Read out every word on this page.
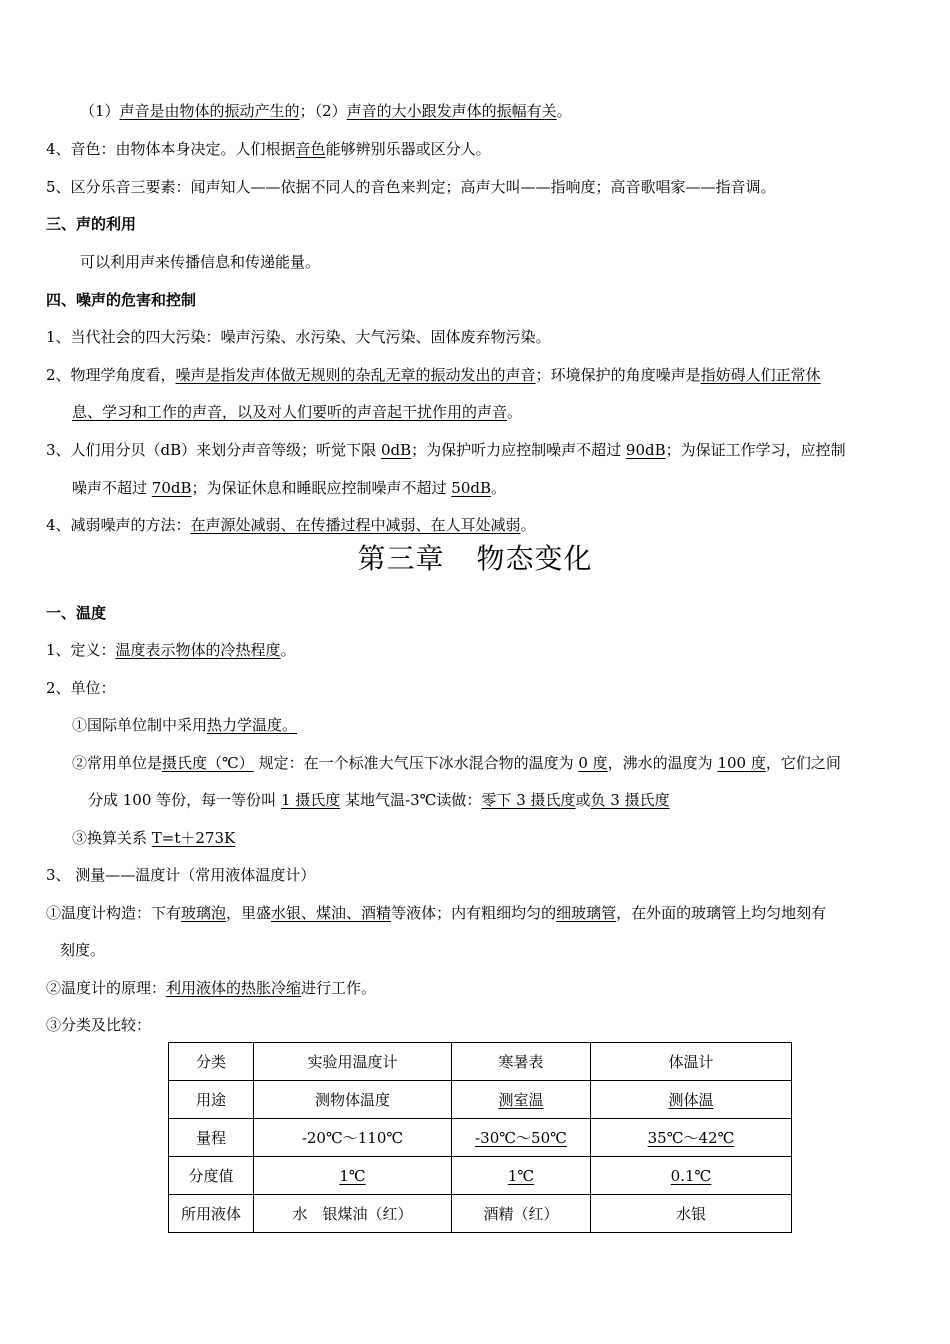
（1）声音是由物体的振动产生的；（2）声音的大小跟发声体的振幅有关。
4、音色：由物体本身决定。人们根据音色能够辨别乐器或区分人。
5、区分乐音三要素：闻声知人——依据不同人的音色来判定；高声大叫——指响度；高音歌唱家——指音调。
三、声的利用
可以利用声来传播信息和传递能量。
四、噪声的危害和控制
1、当代社会的四大污染：噪声污染、水污染、大气污染、固体废弃物污染。
2、物理学角度看，噪声是指发声体做无规则的杂乱无章的振动发出的声音；环境保护的角度噪声是指妨碍人们正常休
息、学习和工作的声音，以及对人们要听的声音起干扰作用的声音。
3、人们用分贝（dB）来划分声音等级；听觉下限 0dB；为保护听力应控制噪声不超过 90dB；为保证工作学习，应控制
噪声不超过 70dB；为保证休息和睡眠应控制噪声不超过 50dB。
4、减弱噪声的方法：在声源处减弱、在传播过程中减弱、在人耳处减弱。
第三章 物态变化
一、温度
1、定义：温度表示物体的冷热程度。
2、单位：
①国际单位制中采用热力学温度。
②常用单位是摄氏度（℃） 规定：在一个标准大气压下冰水混合物的温度为 0 度，沸水的温度为 100 度，它们之间
分成 100 等份，每一等份叫 1 摄氏度 某地气温-3℃读做：零下 3 摄氏度或负 3 摄氏度
③换算关系 T=t＋273K
3、 测量——温度计（常用液体温度计）
①温度计构造：下有玻璃泡，里盛水银、煤油、酒精等液体；内有粗细均匀的细玻璃管，在外面的玻璃管上均匀地刻有
刻度。
②温度计的原理：利用液体的热胀冷缩进行工作。
③分类及比较：
分类	实验用温度计	寒暑表	体温计
用途	测物体温度	测室温	测体温
量程	-20℃～110℃	-30℃～50℃	35℃～42℃
分度值	1℃	1℃	0.1℃
所用液体	水　银煤油（红）	酒精（红）	水银
